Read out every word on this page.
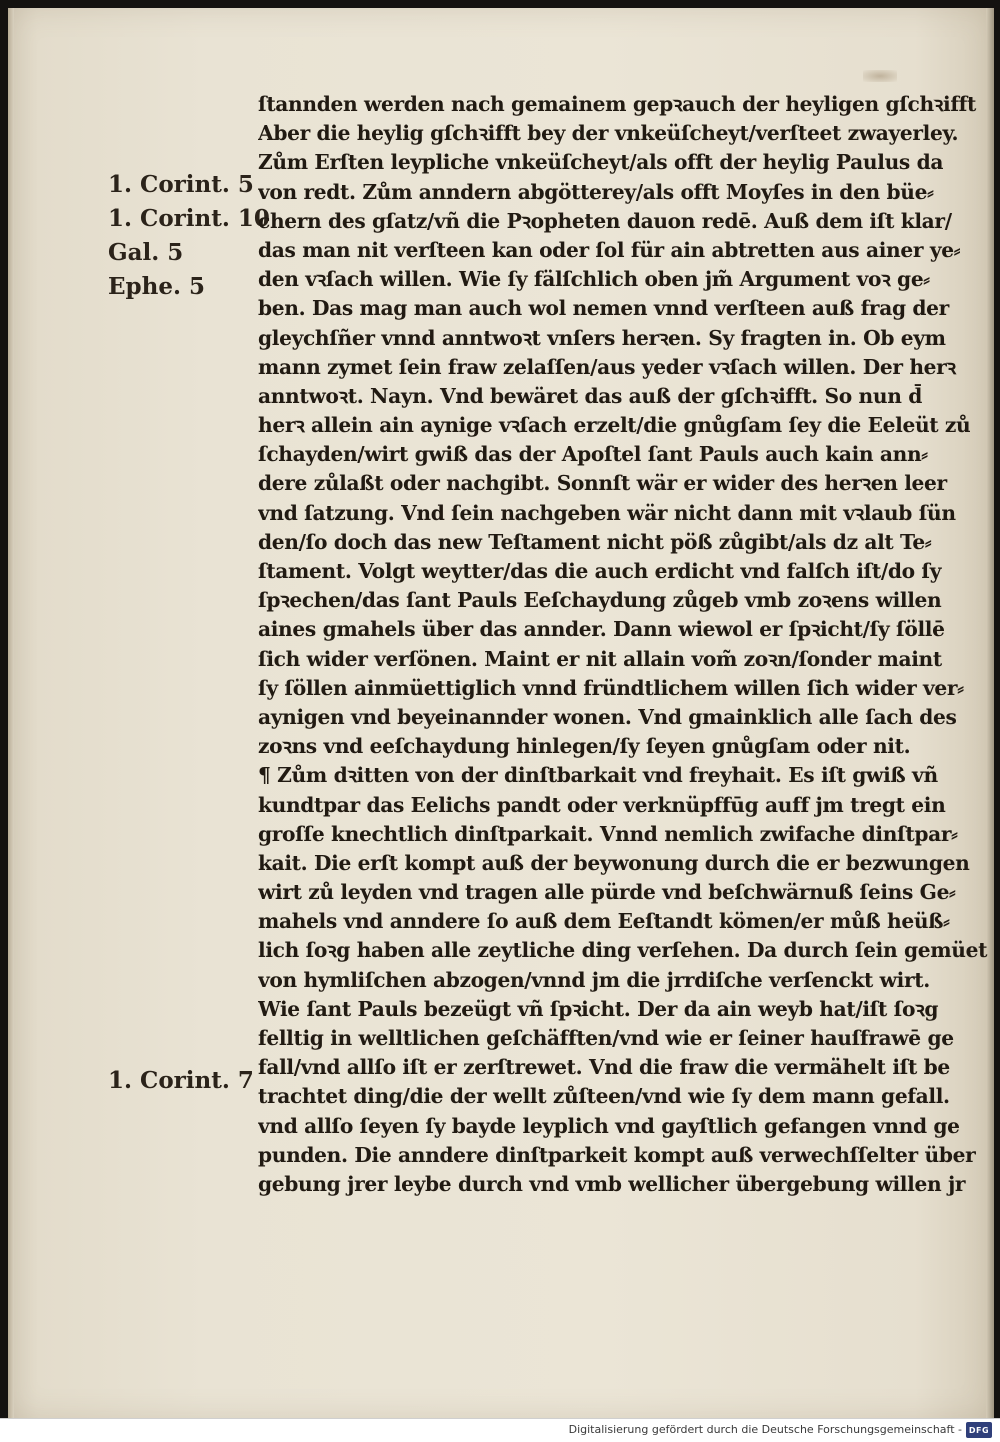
1. Corint. 5
1. Corint. 10
Gal. 5
Ephe. 5
1. Corint. 7
ſtannden werden nach gemainem gepꝛauch der heyligen gſchꝛifft
Aber die heylig gſchꝛifft bey der vnkeüſcheyt/verſteet zwayerley.
Zům Erſten leypliche vnkeüſcheyt/als offt der heylig Paulus da
von redt. Zům anndern abgötterey/als offt Moyſes in den büe⸗
chern des gſatz/vñ die Pꝛopheten dauon redē. Auß dem iſt klar/
das man nit verſteen kan oder ſol für ain abtretten aus ainer ye⸗
den vꝛſach willen. Wie ſy fälſchlich oben jm̃ Argument voꝛ ge⸗
ben. Das mag man auch wol nemen vnnd verſteen auß frag der
gleychſñer vnnd anntwoꝛt vnſers herꝛen. Sy fragten in. Ob eym
mann zymet ſein fraw zelaſſen/aus yeder vꝛſach willen. Der herꝛ
anntwoꝛt. Nayn. Vnd bewäret das auß der gſchꝛifft. So nun d̄
herꝛ allein ain aynige vꝛſach erzelt/die gnůgſam ſey die Eeleüt zů
ſchayden/wirt gwiß das der Apoſtel ſant Pauls auch kain ann⸗
dere zůlaßt oder nachgibt. Sonnſt wär er wider des herꝛen leer
vnd ſatzung. Vnd ſein nachgeben wär nicht dann mit vꝛlaub ſün
den/ſo doch das new Teſtament nicht pöß zůgibt/als dz alt Te⸗
ſtament. Volgt weytter/das die auch erdicht vnd falſch iſt/do ſy
ſpꝛechen/das ſant Pauls Eeſchaydung zůgeb vmb zoꝛens willen
aines gmahels über das annder. Dann wiewol er ſpꝛicht/ſy ſöllē
ſich wider verſönen. Maint er nit allain vom̃ zoꝛn/ſonder maint
ſy ſöllen ainmüettiglich vnnd fründtlichem willen ſich wider ver⸗
aynigen vnd beyeinannder wonen. Vnd gmainklich alle ſach des
zoꝛns vnd eeſchaydung hinlegen/ſy ſeyen gnůgſam oder nit.
¶ Zům dꝛitten von der dinſtbarkait vnd freyhait. Es iſt gwiß vñ
kundtpar das Eelichs pandt oder verknüpffūg auff jm tregt ein
groſſe knechtlich dinſtparkait. Vnnd nemlich zwifache dinſtpar⸗
kait. Die erſt kompt auß der beywonung durch die er bezwungen
wirt zů leyden vnd tragen alle pürde vnd beſchwärnuß ſeins Ge⸗
mahels vnd anndere ſo auß dem Eeſtandt kömen/er můß heüß⸗
lich ſoꝛg haben alle zeytliche ding verſehen. Da durch ſein gemüet
von hymliſchen abzogen/vnnd jm die jrrdiſche verſenckt wirt.
Wie ſant Pauls bezeügt vñ ſpꝛicht. Der da ain weyb hat/iſt ſoꝛg
felltig in welltlichen geſchäfften/vnd wie er ſeiner hauſfrawē ge
fall/vnd allſo iſt er zerſtrewet. Vnd die fraw die vermähelt iſt be
trachtet ding/die der wellt zůſteen/vnd wie ſy dem mann gefall.
vnd allſo ſeyen ſy bayde leyplich vnd gayſtlich gefangen vnnd ge
punden. Die anndere dinſtparkeit kompt auß verwechſſelter über
gebung jrer leybe durch vnd vmb wellicher übergebung willen jr
Digitalisierung gefördert durch die Deutsche Forschungsgemeinschaft - DFG
